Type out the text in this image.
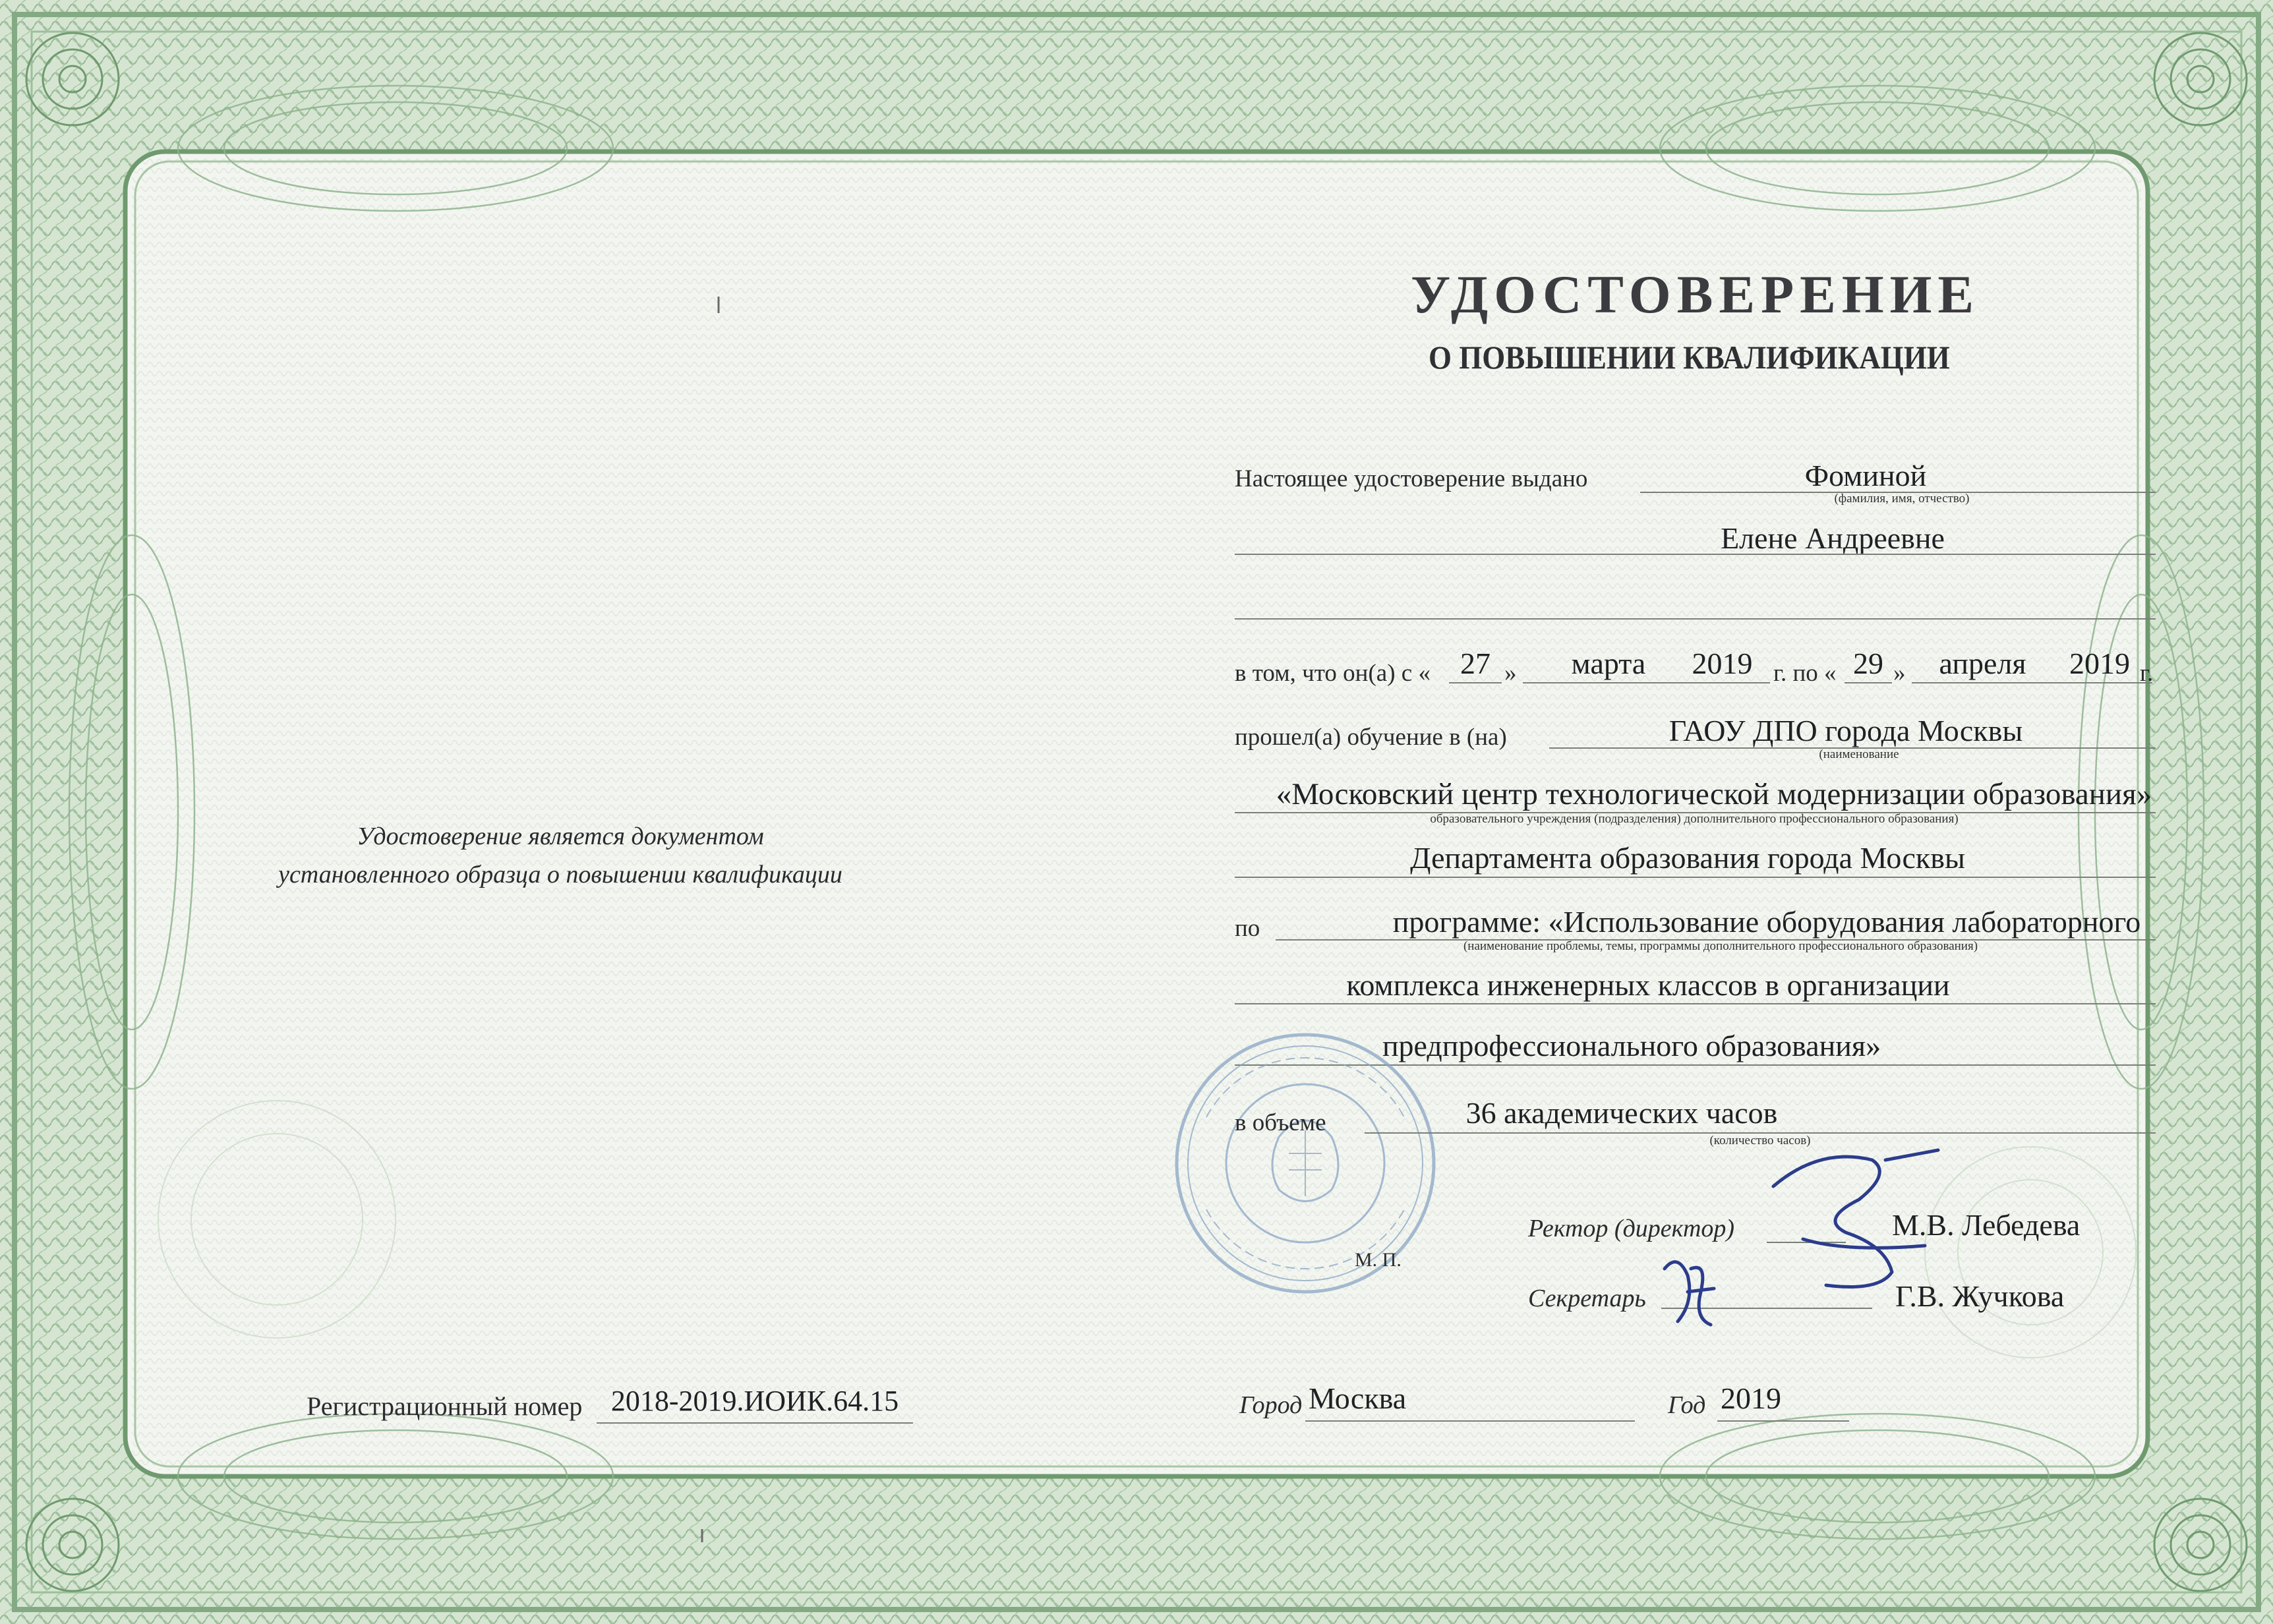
Удостоверение является документом
установленного образца о повышении квалификации
Регистрационный номер 2018-2019.ИОИК.64.15
УДОСТОВЕРЕНИЕ
О ПОВЫШЕНИИ КВАЛИФИКАЦИИ
Настоящее удостоверение выдано	Фоминой
(фамилия, имя, отчество)
Елене Андреевне
в том, что он(а) с « 27 »	марта	2019 г. по « 29 »	апреля	2019 г.
прошел(а) обучение в (на)	ГАОУ ДПО города Москвы
(наименование
«Московский центр технологической модернизации образования»
образовательного учреждения (подразделения) дополнительного профессионального образования)
Департамента образования города Москвы
по	программе: «Использование оборудования лабораторного
(наименование проблемы, темы, программы дополнительного профессионального образования)
комплекса инженерных классов в организации
предпрофессионального образования»
в объеме	36 академических часов
(количество часов)
М. П.
Ректор (директор)	М.В. Лебедева
Секретарь	Г.В. Жучкова
Город Москва	Год 2019
